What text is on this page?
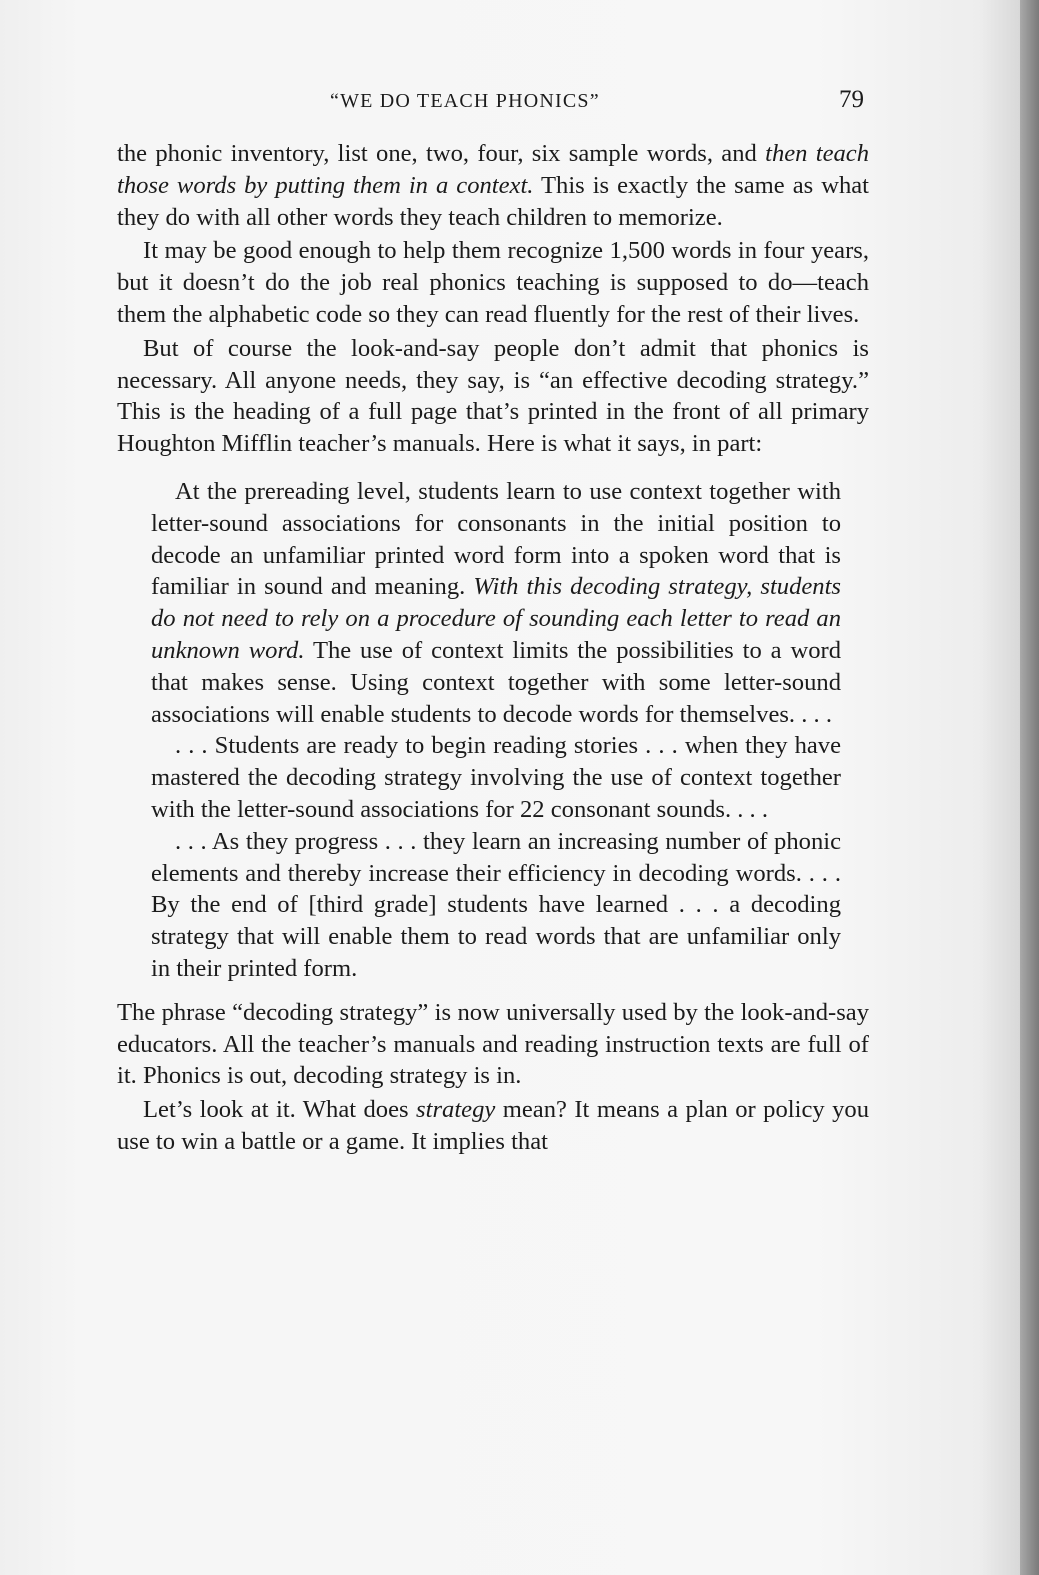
“WE DO TEACH PHONICS”	79

the phonic inventory, list one, two, four, six sample words, and then teach those words by putting them in a context. This is exactly the same as what they do with all other words they teach children to memorize.

It may be good enough to help them recognize 1,500 words in four years, but it doesn’t do the job real phonics teaching is supposed to do—teach them the alphabetic code so they can read fluently for the rest of their lives.

But of course the look-and-say people don’t admit that phonics is necessary. All anyone needs, they say, is “an effective decoding strategy.” This is the heading of a full page that’s printed in the front of all primary Houghton Mifflin teacher’s manuals. Here is what it says, in part:

At the prereading level, students learn to use context together with letter-sound associations for consonants in the initial position to decode an unfamiliar printed word form into a spoken word that is familiar in sound and meaning. With this decoding strategy, students do not need to rely on a procedure of sounding each letter to read an unknown word. The use of context limits the possibilities to a word that makes sense. Using context together with some letter-sound associations will enable students to decode words for themselves. . . .

. . . Students are ready to begin reading stories . . . when they have mastered the decoding strategy involving the use of context together with the letter-sound associations for 22 consonant sounds. . . .

. . . As they progress . . . they learn an increasing number of phonic elements and thereby increase their efficiency in decoding words. . . . By the end of [third grade] students have learned . . . a decoding strategy that will enable them to read words that are unfamiliar only in their printed form.

The phrase “decoding strategy” is now universally used by the look-and-say educators. All the teacher’s manuals and reading instruction texts are full of it. Phonics is out, decoding strategy is in.

Let’s look at it. What does strategy mean? It means a plan or policy you use to win a battle or a game. It implies that
